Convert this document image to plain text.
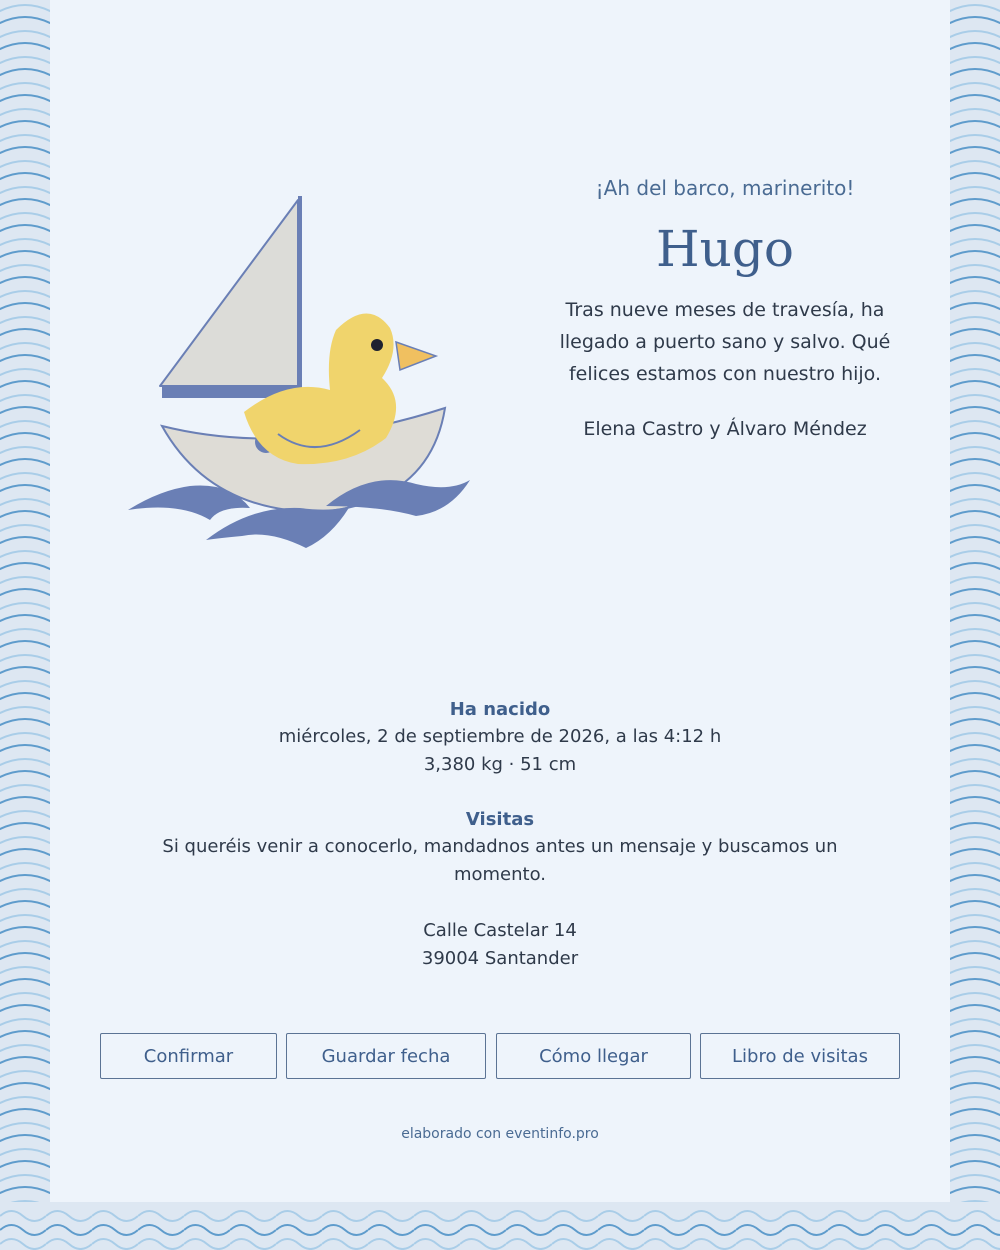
¡Ah del barco, marinerito!

Hugo

Tras nueve meses de travesía, ha llegado a puerto sano y salvo. Qué felices estamos con nuestro hijo.

Elena Castro y Álvaro Méndez
Ha nacido

miércoles, 2 de septiembre de 2026, a las 4:12 h

3,380 kg · 51 cm

Visitas

Si queréis venir a conocerlo, mandadnos antes un mensaje y buscamos un momento.

Calle Castelar 14

39004 Santander

Confirmar	Guardar fecha	Cómo llegar	Libro de visitas
elaborado con eventinfo.pro
